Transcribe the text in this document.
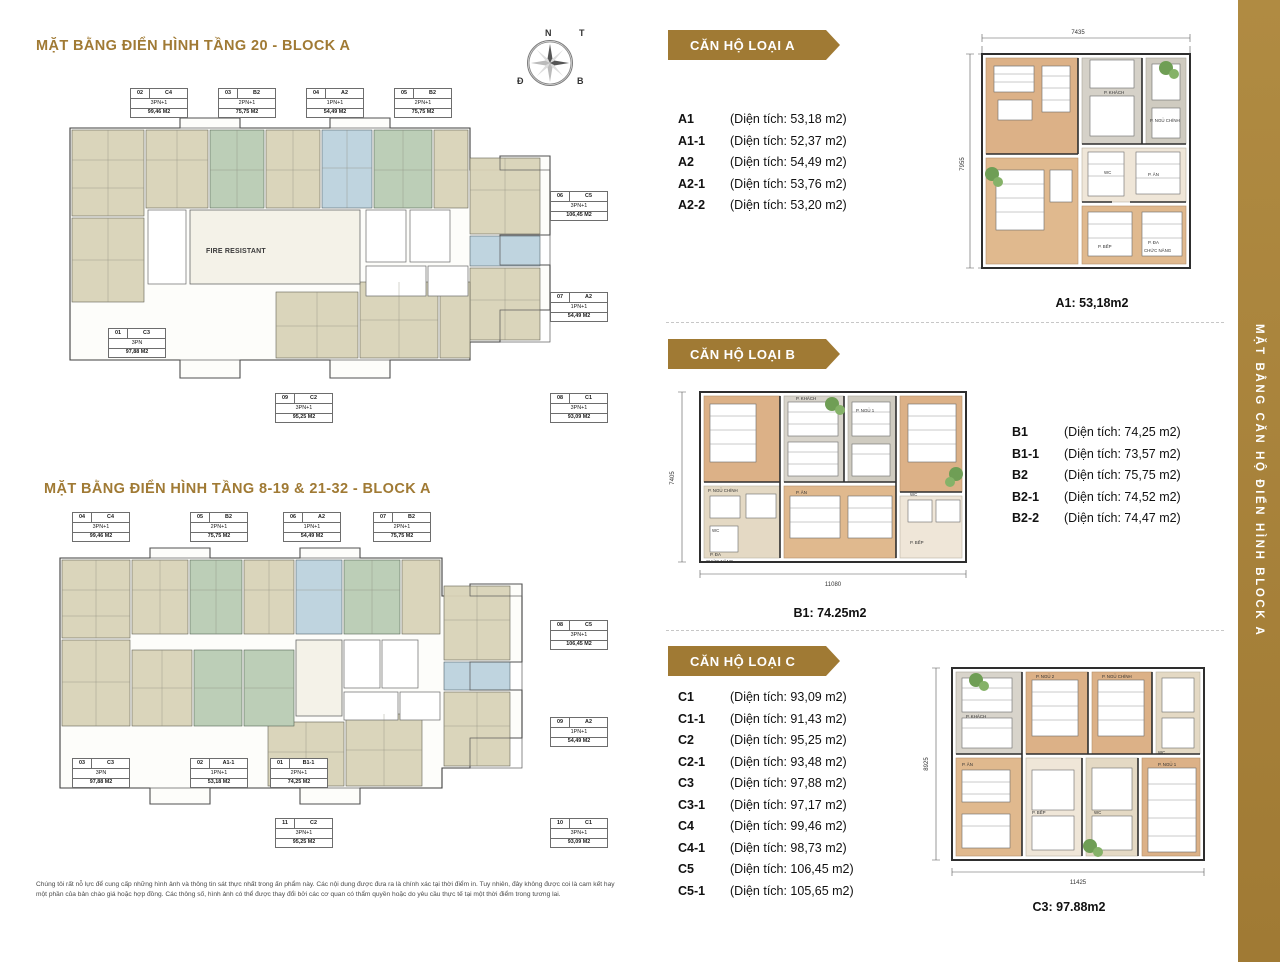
MẶT BẰNG ĐIỂN HÌNH TẦNG 20 - BLOCK A
N	T
Đ	B
FIRE RESISTANT
02	C4
3PN+1
99,46 M2
03	B2
2PN+1
75,75 M2
04	A2
1PN+1
54,49 M2
05	B2
2PN+1
75,75 M2
06	C5
3PN+1
106,45 M2
07	A2
1PN+1
54,49 M2
08	C1
3PN+1
93,09 M2
09	C2
3PN+1
95,25 M2
01	C3
3PN
97,88 M2
MẶT BẰNG ĐIỂN HÌNH TẦNG 8-19 & 21-32 - BLOCK A
04	C4
3PN+1
99,46 M2
05	B2
2PN+1
75,75 M2
06	A2
1PN+1
54,49 M2
07	B2
2PN+1
75,75 M2
08	C5
3PN+1
106,45 M2
09	A2
1PN+1
54,49 M2
10	C1
3PN+1
93,09 M2
11	C2
3PN+1
95,25 M2
01	B1-1
2PN+1
74,25 M2
02	A1-1
1PN+1
53,18 M2
03	C3
3PN
97,88 M2
Chúng tôi rất nỗ lực để cung cấp những hình ảnh và thông tin sát thực nhất trong ấn phẩm này. Các nội dung được đưa ra là chính xác tại thời điểm in. Tuy nhiên, đây không được coi là cam kết hay một phần của bản chào giá hoặc hợp đồng. Các thông số, hình ảnh có thể được thay đổi bởi các cơ quan có thẩm quyền hoặc do yêu cầu thực tế tại một thời điểm trong tương lai.
CĂN HỘ LOẠI A
A1	(Diện tích: 53,18 m2)
A1-1	(Diện tích: 52,37 m2)
A2	(Diện tích: 54,49 m2)
A2-1	(Diện tích: 53,76 m2)
A2-2	(Diện tích: 53,20 m2)
7435
7955
P. KHÁCH
P. NGỦ CHÍNH
P. ĂN
WC
P. BẾP
P. ĐA
CHỨC NĂNG
A1: 53,18m2
CĂN HỘ LOẠI B
B1	(Diện tích: 74,25 m2)
B1-1	(Diện tích: 73,57 m2)
B2	(Diện tích: 75,75 m2)
B2-1	(Diện tích: 74,52 m2)
B2-2	(Diện tích: 74,47 m2)
7405
11080
P. KHÁCH
P. NGỦ 1
P. NGỦ CHÍNH
WC
P. ĐA
CHỨC NĂNG
P. ĂN	WC
P. BẾP
B1: 74.25m2
CĂN HỘ LOẠI C
C1	(Diện tích: 93,09 m2)
C1-1	(Diện tích: 91,43 m2)
C2	(Diện tích: 95,25 m2)
C2-1	(Diện tích: 93,48 m2)
C3	(Diện tích: 97,88 m2)
C3-1	(Diện tích: 97,17 m2)
C4	(Diện tích: 99,46 m2)
C4-1	(Diện tích: 98,73 m2)
C5	(Diện tích: 106,45 m2)
C5-1	(Diện tích: 105,65 m2)
8925
11425
P. KHÁCH
P. NGỦ 2	P. NGỦ CHÍNH
P. ĂN	P. NGỦ 1
P. BẾP	WC
WC
C3: 97.88m2
MẶT BẰNG CĂN HỘ ĐIỂN HÌNH BLOCK A
